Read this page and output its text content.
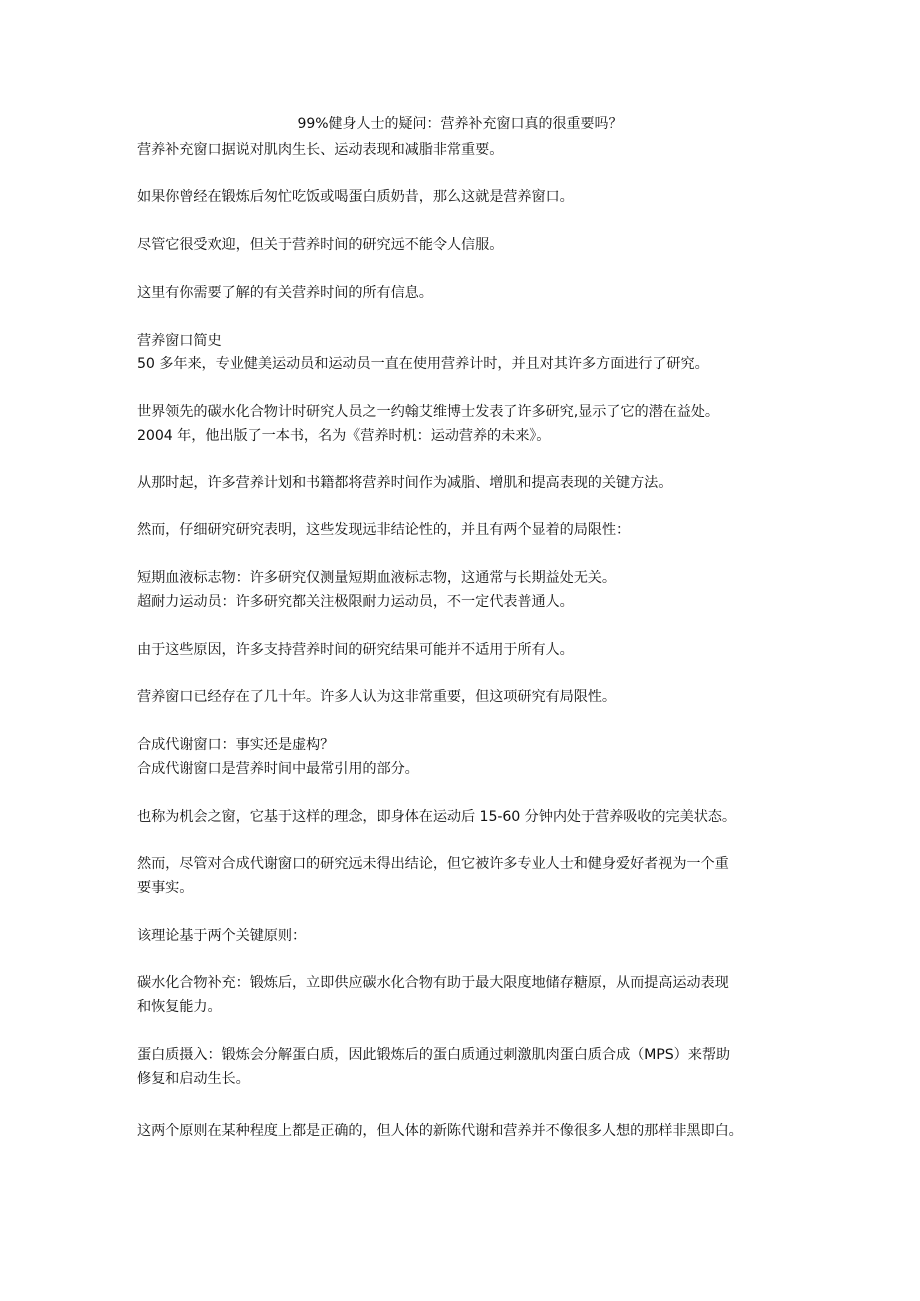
99%健身人士的疑问：营养补充窗口真的很重要吗？
营养补充窗口据说对肌肉生长、运动表现和减脂非常重要。
如果你曾经在锻炼后匆忙吃饭或喝蛋白质奶昔，那么这就是营养窗口。
尽管它很受欢迎，但关于营养时间的研究远不能令人信服。
这里有你需要了解的有关营养时间的所有信息。
营养窗口简史
50 多年来，专业健美运动员和运动员一直在使用营养计时，并且对其许多方面进行了研究。
世界领先的碳水化合物计时研究人员之一约翰艾维博士发表了许多研究,显示了它的潜在益处。
2004 年，他出版了一本书，名为《营养时机：运动营养的未来》。
从那时起，许多营养计划和书籍都将营养时间作为减脂、增肌和提高表现的关键方法。
然而，仔细研究研究表明，这些发现远非结论性的，并且有两个显着的局限性：
短期血液标志物：许多研究仅测量短期血液标志物，这通常与长期益处无关。
超耐力运动员：许多研究都关注极限耐力运动员，不一定代表普通人。
由于这些原因，许多支持营养时间的研究结果可能并不适用于所有人。
营养窗口已经存在了几十年。许多人认为这非常重要，但这项研究有局限性。
合成代谢窗口：事实还是虚构？
合成代谢窗口是营养时间中最常引用的部分。
也称为机会之窗，它基于这样的理念，即身体在运动后 15-60 分钟内处于营养吸收的完美状态。
然而，尽管对合成代谢窗口的研究远未得出结论，但它被许多专业人士和健身爱好者视为一个重
要事实。
该理论基于两个关键原则：
碳水化合物补充：锻炼后，立即供应碳水化合物有助于最大限度地储存糖原，从而提高运动表现
和恢复能力。
蛋白质摄入：锻炼会分解蛋白质，因此锻炼后的蛋白质通过刺激肌肉蛋白质合成（MPS）来帮助
修复和启动生长。
这两个原则在某种程度上都是正确的，但人体的新陈代谢和营养并不像很多人想的那样非黑即白。
